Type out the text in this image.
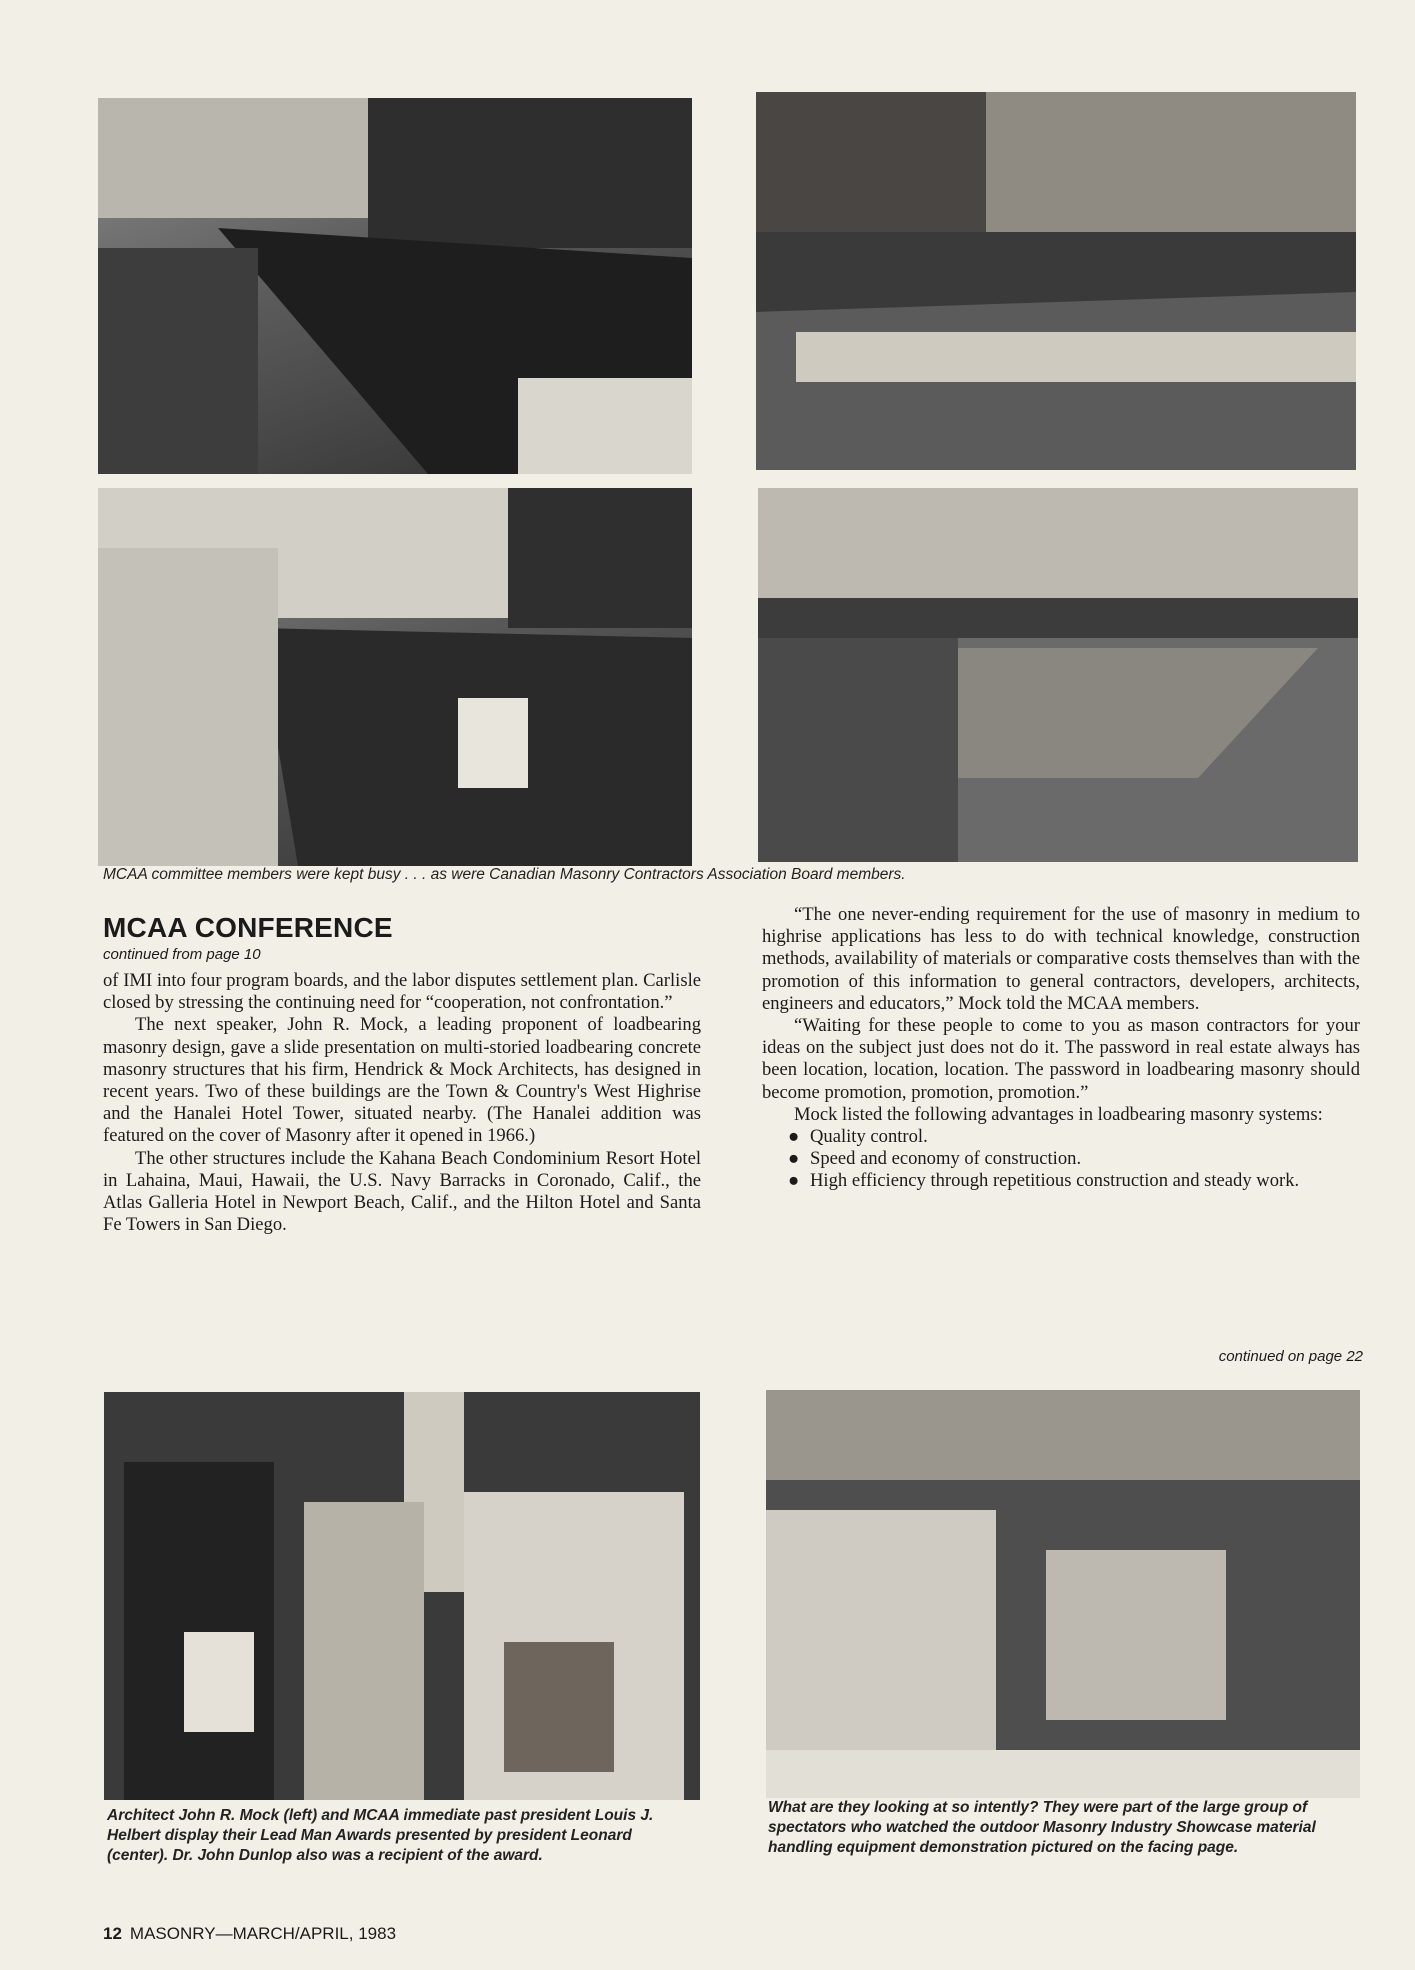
MCAA committee members were kept busy . . . as were Canadian Masonry Contractors Association Board members.
MCAA CONFERENCE
continued from page 10

of IMI into four program boards, and the labor disputes settlement plan. Carlisle closed by stressing the continuing need for “cooperation, not confrontation.”

The next speaker, John R. Mock, a leading proponent of loadbearing masonry design, gave a slide presentation on multi-storied loadbearing concrete masonry structures that his firm, Hendrick & Mock Architects, has designed in recent years. Two of these buildings are the Town & Country's West Highrise and the Hanalei Hotel Tower, situated nearby. (The Hanalei addition was featured on the cover of Masonry after it opened in 1966.)

The other structures include the Kahana Beach Condominium Resort Hotel in Lahaina, Maui, Hawaii, the U.S. Navy Barracks in Coronado, Calif., the Atlas Galleria Hotel in Newport Beach, Calif., and the Hilton Hotel and Santa Fe Towers in San Diego.

“The one never-ending requirement for the use of masonry in medium to highrise applications has less to do with technical knowledge, construction methods, availability of materials or comparative costs themselves than with the promotion of this information to general contractors, developers, architects, engineers and educators,” Mock told the MCAA members.

“Waiting for these people to come to you as mason contractors for your ideas on the subject just does not do it. The password in real estate always has been location, location, location. The password in loadbearing masonry should become promotion, promotion, promotion.”

Mock listed the following advantages in loadbearing masonry systems:

● Quality control.
● Speed and economy of construction.
● High efficiency through repetitious construction and steady work.
continued on page 22
Architect John R. Mock (left) and MCAA immediate past president Louis J. Helbert display their Lead Man Awards presented by president Leonard (center). Dr. John Dunlop also was a recipient of the award.
What are they looking at so intently? They were part of the large group of spectators who watched the outdoor Masonry Industry Showcase material handling equipment demonstration pictured on the facing page.
12 MASONRY—MARCH/APRIL, 1983
